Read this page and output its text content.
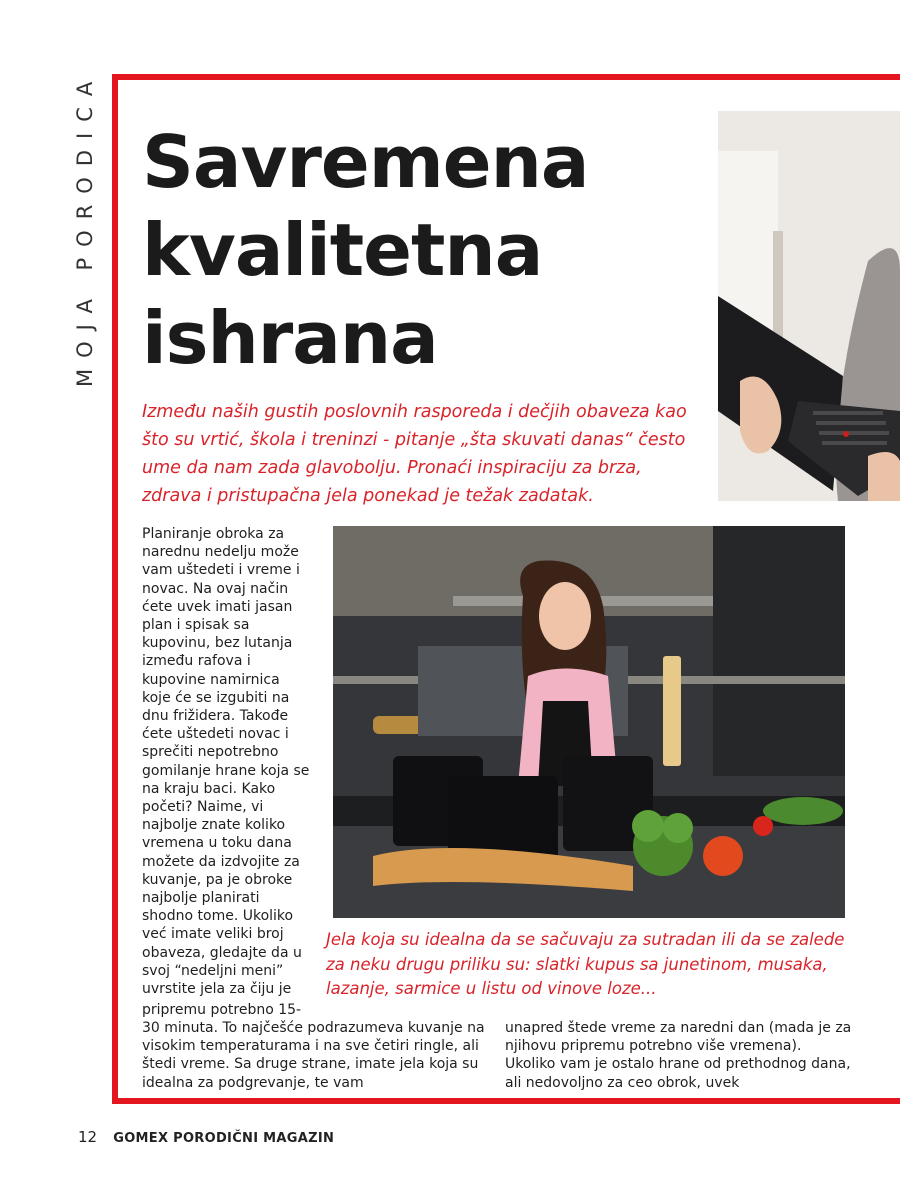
MOJA PORODICA Savremena
kvalitetna
ishrana

Između naših gustih poslovnih rasporeda i dečjih obaveza kao što su vrtić, škola i treninzi - pitanje „šta skuvati danas“ često ume da nam zada glavobolju. Pronaći inspiraciju za brza, zdrava i pristupačna jela ponekad je težak zadatak.

Planiranje obroka za narednu nedelju može vam uštedeti i vreme i novac. Na ovaj način ćete uvek imati jasan plan i spisak sa kupovinu, bez lutanja između rafova i kupovine namirnica koje će se izgubiti na dnu frižidera. Takođe ćete uštedeti novac i sprečiti nepotrebno gomilanje hrane koja se na kraju baci. Kako početi? Naime, vi najbolje znate koliko vremena u toku dana možete da izdvojite za kuvanje, pa je obroke najbolje planirati shodno tome. Ukoliko već imate veliki broj obaveza, gledajte da u svoj “nedeljni meni” uvrstite jela za čiju je

pripremu potrebno 15-

Jela koja su idealna da se sačuvaju za sutradan ili da se zalede za neku drugu priliku su: slatki kupus sa junetinom, musaka, lazanje, sarmice u listu od vinove loze...

30 minuta. To najčešće podrazumeva kuvanje na visokim temperaturama i na sve četiri ringle, ali štedi vreme. Sa druge strane, imate jela koja su idealna za podgrevanje, te vam

unapred štede vreme za naredni dan (mada je za njihovu pripremu potrebno više vremena). Ukoliko vam je ostalo hrane od prethodnog dana, ali nedovoljno za ceo obrok, uvek

12 GOMEX PORODIČNI MAGAZIN
